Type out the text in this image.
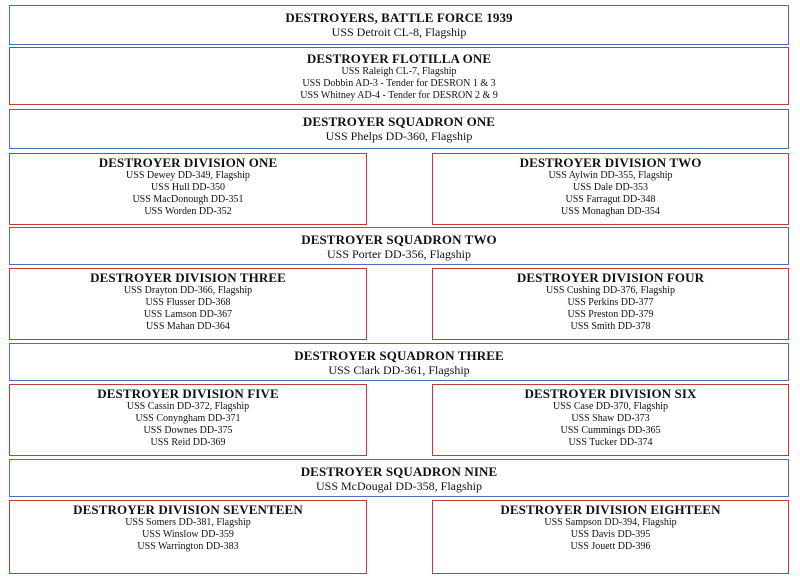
DESTROYERS, BATTLE FORCE 1939
USS Detroit CL-8, Flagship
DESTROYER FLOTILLA ONE
USS Raleigh CL-7, Flagship
USS Dobbin AD-3 - Tender for DESRON 1 & 3
USS Whitney AD-4 - Tender for DESRON 2 & 9
DESTROYER SQUADRON ONE
USS Phelps DD-360, Flagship
DESTROYER DIVISION ONE
USS Dewey DD-349, Flagship
USS Hull DD-350
USS MacDonough DD-351
USS Worden DD-352
DESTROYER DIVISION TWO
USS Aylwin DD-355, Flagship
USS Dale DD-353
USS Farragut DD-348
USS Monaghan DD-354
DESTROYER SQUADRON TWO
USS Porter DD-356, Flagship
DESTROYER DIVISION THREE
USS Drayton DD-366, Flagship
USS Flusser DD-368
USS Lamson DD-367
USS Mahan DD-364
DESTROYER DIVISION FOUR
USS Cushing DD-376, Flagship
USS Perkins DD-377
USS Preston DD-379
USS Smith DD-378
DESTROYER SQUADRON THREE
USS Clark DD-361, Flagship
DESTROYER DIVISION FIVE
USS Cassin DD-372, Flagship
USS Conyngham DD-371
USS Downes DD-375
USS Reid DD-369
DESTROYER DIVISION SIX
USS Case DD-370, Flagship
USS Shaw DD-373
USS Cummings DD-365
USS Tucker DD-374
DESTROYER SQUADRON NINE
USS McDougal DD-358, Flagship
DESTROYER DIVISION SEVENTEEN
USS Somers DD-381, Flagship
USS Winslow DD-359
USS Warrington DD-383
DESTROYER DIVISION EIGHTEEN
USS Sampson DD-394, Flagship
USS Davis DD-395
USS Jouett DD-396
